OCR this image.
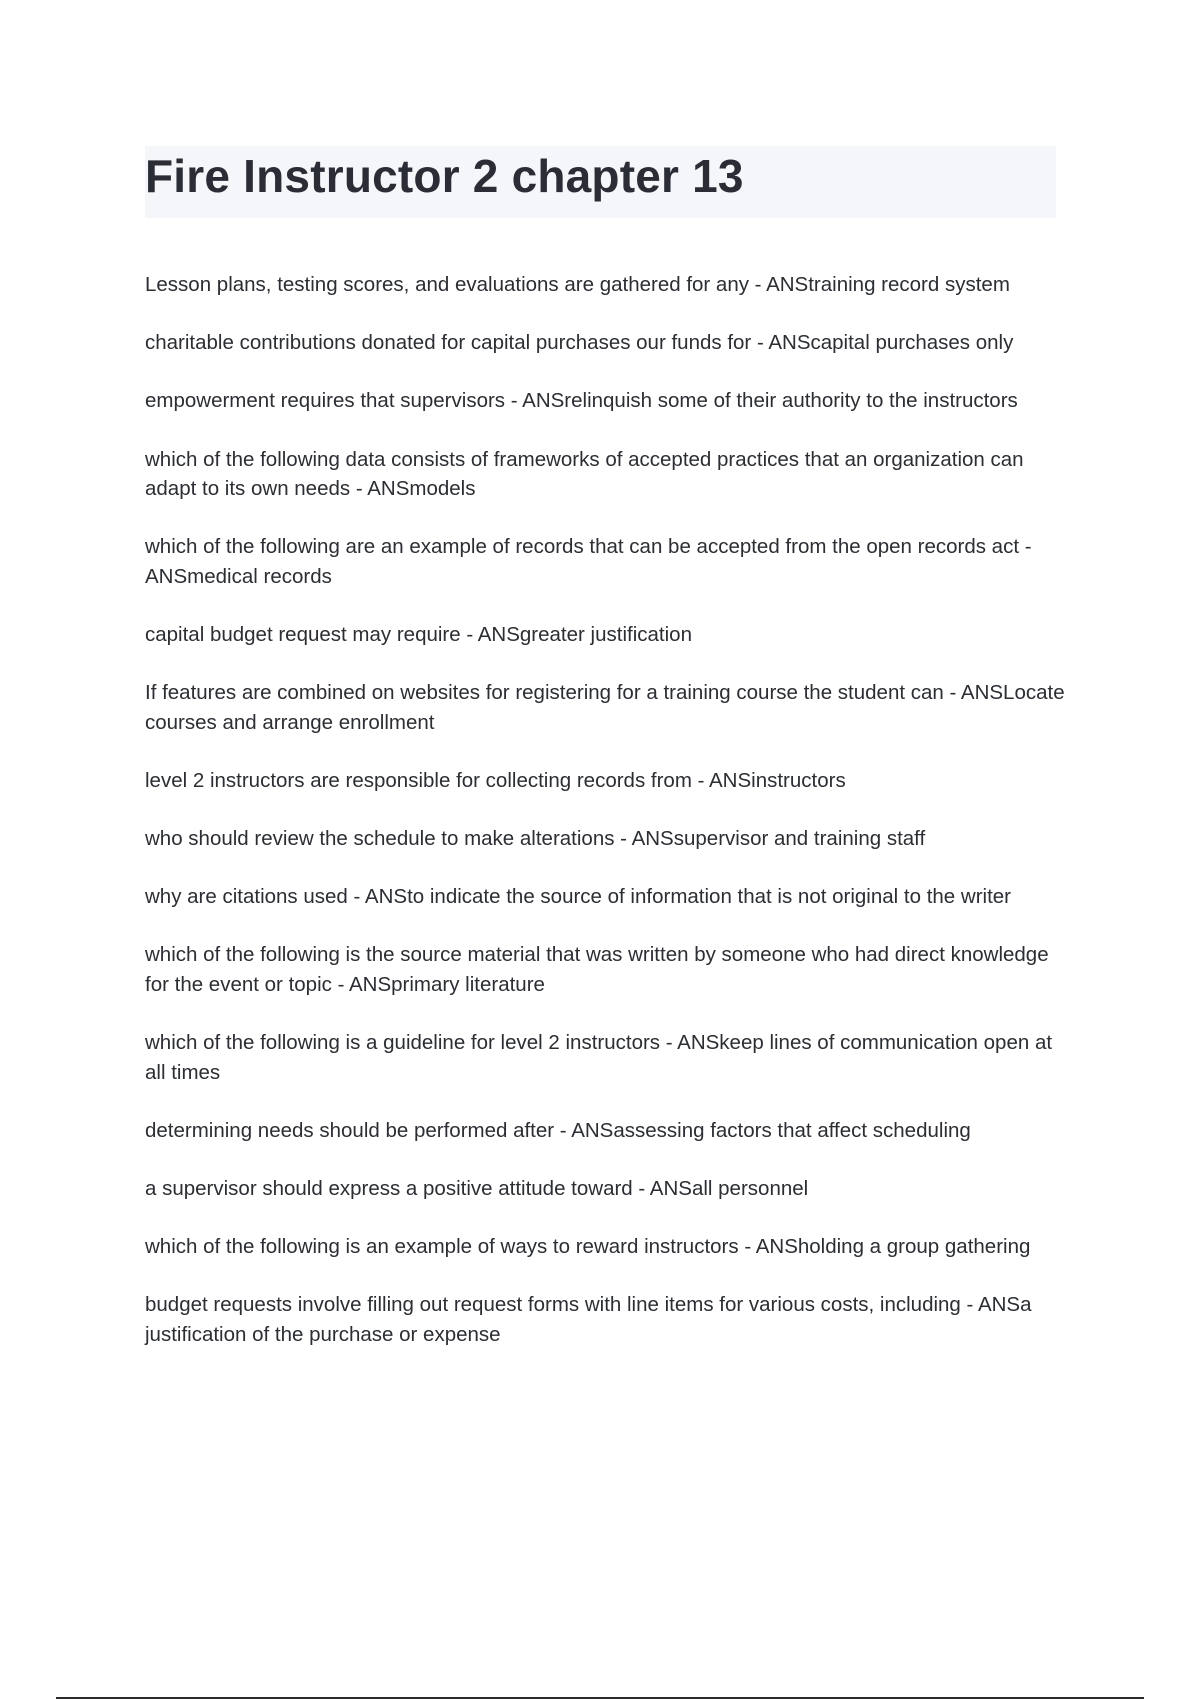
Fire Instructor 2 chapter 13
Lesson plans, testing scores, and evaluations are gathered for any - ANStraining record system
charitable contributions donated for capital purchases our funds for - ANScapital purchases only
empowerment requires that supervisors - ANSrelinquish some of their authority to the instructors
which of the following data consists of frameworks of accepted practices that an organization can adapt to its own needs - ANSmodels
which of the following are an example of records that can be accepted from the open records act - ANSmedical records
capital budget request may require - ANSgreater justification
If features are combined on websites for registering for a training course the student can - ANSLocate courses and arrange enrollment
level 2 instructors are responsible for collecting records from - ANSinstructors
who should review the schedule to make alterations - ANSsupervisor and training staff
why are citations used - ANSto indicate the source of information that is not original to the writer
which of the following is the source material that was written by someone who had direct knowledge for the event or topic - ANSprimary literature
which of the following is a guideline for level 2 instructors - ANSkeep lines of communication open at all times
determining needs should be performed after - ANSassessing factors that affect scheduling
a supervisor should express a positive attitude toward - ANSall personnel
which of the following is an example of ways to reward instructors - ANSholding a group gathering
budget requests involve filling out request forms with line items for various costs, including - ANSa justification of the purchase or expense
